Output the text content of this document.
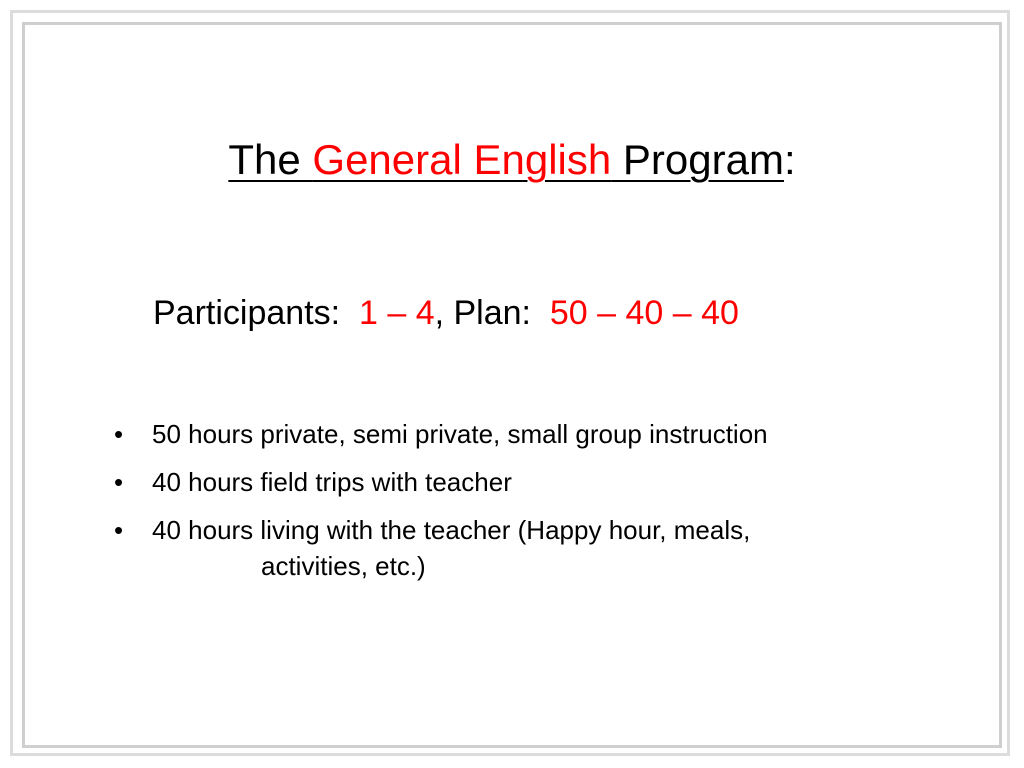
The General English Program:
Participants:  1 – 4, Plan:  50 – 40 – 40
• 50 hours private, semi private, small group instruction
• 40 hours field trips with teacher
• 40 hours living with the teacher (Happy hour, meals,
activities, etc.)
